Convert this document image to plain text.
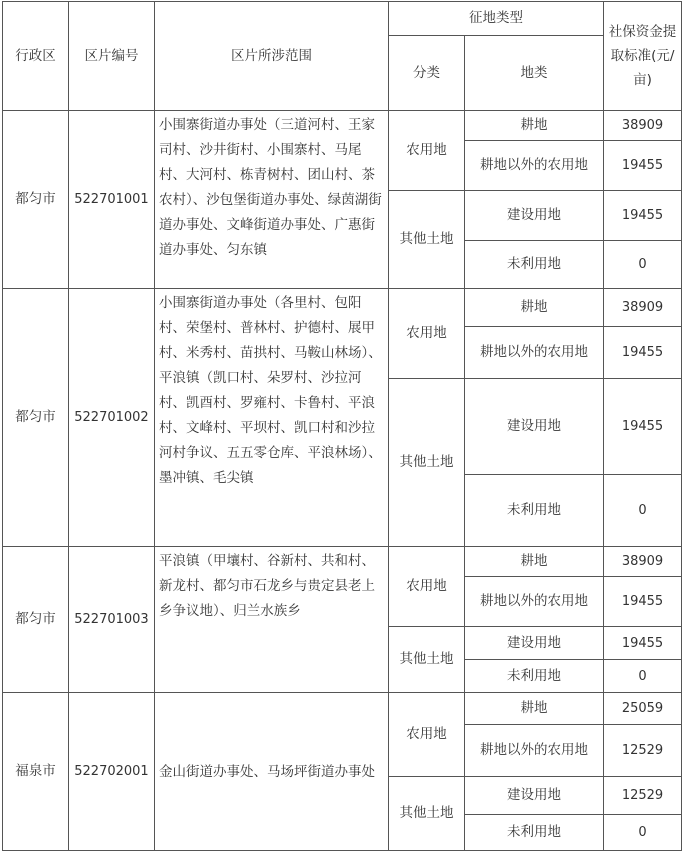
行政区	区片编号	区片所涉范围	征地类型		社保资金提取标准(元/亩)
			分类	地类	
都匀市	522701001	小围寨街道办事处（三道河村、王家司村、沙井街村、小围寨村、马尾村、大河村、栋青树村、团山村、茶农村）、沙包堡街道办事处、绿茵湖街道办事处、文峰街道办事处、广惠街道办事处、匀东镇	农用地	耕地	38909
				耕地以外的农用地	19455
			其他土地	建设用地	19455
				未利用地	0
都匀市	522701002	小围寨街道办事处（各里村、包阳村、荣堡村、普林村、护德村、展甲村、米秀村、苗拱村、马鞍山林场）、平浪镇（凯口村、朵罗村、沙拉河村、凯酉村、罗雍村、卡鲁村、平浪村、文峰村、平坝村、凯口村和沙拉河村争议、五五零仓库、平浪林场）、墨冲镇、毛尖镇	农用地	耕地	38909
				耕地以外的农用地	19455
			其他土地	建设用地	19455
				未利用地	0
都匀市	522701003	平浪镇（甲壤村、谷新村、共和村、新龙村、都匀市石龙乡与贵定县老上乡争议地）、归兰水族乡	农用地	耕地	38909
				耕地以外的农用地	19455
			其他土地	建设用地	19455
				未利用地	0
福泉市	522702001	金山街道办事处、马场坪街道办事处	农用地	耕地	25059
				耕地以外的农用地	12529
			其他土地	建设用地	12529
				未利用地	0
